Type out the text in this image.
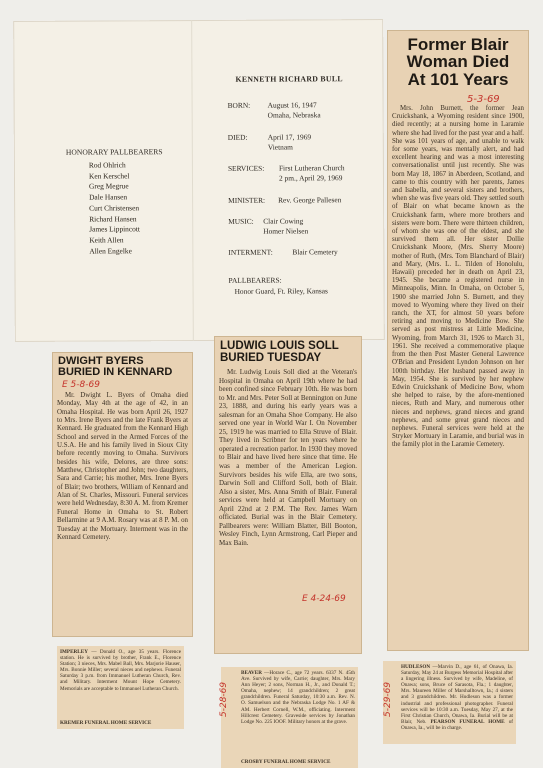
HONORARY PALLBEARERS
Rod Ohlrich
Ken Kerschel
Greg Megrue
Dale Hansen
Curt Christensen
Richard Hansen
James Lippincott
Keith Allen
Allen Engelke
KENNETH RICHARD BULL
BORN: August 16, 1947
Omaha, Nebraska
DIED:	April 17, 1969
Vietnam
SERVICES: First Lutheran Church
2 pm., April 29, 1969
MINISTER: Rev. George Pallesen
MUSIC: Clair Cowing
Homer Nielsen
INTERMENT:	Blair Cemetery
PALLBEARERS:
Honor Guard, Ft. Riley, Kansas
Former Blair
Woman Died
At 101 Years
5-3-69
Mrs. John Burnett, the former Jean Cruickshank, a Wyoming resident since 1900, died recently; at a nursing home in Laramie where she had lived for the past year and a half. She was 101 years of age, and unable to walk for some years, was mentally alert, and had excellent hearing and was a most interesting conversationalist until just recently. She was born May 18, 1867 in Aberdeen, Scotland, and came to this country with her parents, James and Isabella, and several sisters and brothers, when she was five years old. They settled south of Blair on what became known as the Cruickshank farm, where more brothers and sisters were born. There were thirteen children, of whom she was one of the eldest, and she survived them all. Her sister Dollie Cruickshank Moore, (Mrs. Sherry Moore) mother of Ruth, (Mrs. Tom Blanchard of Blair) and Mary, (Mrs. L. L. Tilden of Honolulu, Hawaii) preceded her in death on April 23, 1945. She became a registered nurse in Minneapolis, Minn. In Omaha, on October 5, 1900 she married John S. Burnett, and they moved to Wyoming where they lived on their ranch, the XT, for almost 50 years before retiring and moving to Medicine Bow. She served as post mistress at Little Medicine, Wyoming, from March 31, 1926 to March 31, 1961. She received a commemorative plaque from the then Post Master General Lawrence O'Brian and President Lyndon Johnson on her 100th birthday. Her husband passed away in May, 1954. She is survived by her nephew Edwin Cruickshank of Medicine Bow, whom she helped to raise, by the afore-mentioned nieces, Ruth and Mary, and numerous other nieces and nephews, grand nieces and grand nephews, and some great grand nieces and nephews. Funeral services were held at the Stryker Mortuary in Laramie, and burial was in the family plot in the Laramie Cemetery.
DWIGHT BYERS
BURIED IN KENNARD
E 5-8-69
Mr. Dwight L. Byers of Omaha died Monday, May 4th at the age of 42, in an Omaha Hospital. He was born April 26, 1927 to Mrs. Irene Byers and the late Frank Byers at Kennard. He graduated from the Kennard High School and served in the Armed Forces of the U.S.A. He and his family lived in Sioux City before recently moving to Omaha. Survivors besides his wife, Delores, are three sons: Matthew, Christopher and John; two daughters, Sara and Carrie; his mother, Mrs. Irene Byers of Blair; two brothers, William of Kennard and Alan of St. Charles, Missouri. Funeral services were held Wednesday, 8:30 A. M. from Kremer Funeral Home in Omaha to St. Robert Bellarmine at 9 A.M. Rosary was at 8 P. M. on Tuesday at the Mortuary. Interment was in the Kennard Cemetery.
LUDWIG LOUIS SOLL
BURIED TUESDAY
Mr. Ludwig Louis Soll died at the Veteran's Hospital in Omaha on April 19th where he had been confined since February 10th. He was born to Mr. and Mrs. Peter Soll at Bennington on June 23, 1888, and during his early years was a salesman for an Omaha Shoe Company. He also served one year in World War I. On November 25, 1919 he was married to Ella Struve of Blair. They lived in Scribner for ten years where he operated a recreation parlor. In 1930 they moved to Blair and have lived here since that time. He was a member of the American Legion. Survivors besides his wife Ella, are two sons, Darwin Soll and Clifford Soll, both of Blair. Also a sister, Mrs. Anna Smith of Blair. Funeral services were held at Campbell Mortuary on April 22nd at 2 P.M. The Rev. James Warn officiated. Burial was in the Blair Cemetery. Pallbearers were: William Blatter, Bill Booton, Wesley Finch, Lynn Armstrong, Carl Pieper and Max Bain.
E 4-24-69
IMPERLEY — Donald O., age 35 years. Florence station. He is survived by brother, Frank E., Florence Station; 3 nieces, Mrs. Mabel Ball, Mrs. Marjorie Hauser, Mrs. Bonnie Miller; several nieces and nephews. Funeral Saturday 3 p.m. from Immanuel Lutheran Church, Rev. and Military. Interment Mount Hope Cemetery. Memorials are acceptable to Immanuel Lutheran Church.
KREMER FUNERAL HOME SERVICE
BEAVER —Horace C., age 72 years. 6337 N. 45th Ave. Survived by wife, Carrie; daughter, Mrs. Mary Ann Heyer; 2 sons, Norman H., Jr., and Donald T.; Omaha, nephew; 14 grandchildren; 2 great grandchildren. Funeral Saturday, 10:30 a.m. Rev. N. O. Samuelson and the Nebraska Lodge No. 1 AF & AM. Herbert Cornell, W.M., officiating. Interment Hillcrest Cemetery. Graveside services by Jonathan Lodge No. 225 IOOF. Military honors at the grave.
CROSBY FUNERAL HOME SERVICE
5-28-69
HUDLESON —Marvin D., age 61, of Onawa, Ia. Saturday, May 24 at Burgess Memorial Hospital after a lingering illness. Survived by wife, Madeline, of Onawa; sons, Bruce of Sarasota, Fla.; 1 daughter, Mrs. Maureen Miller of Marshalltown, Ia.; 4 sisters and 3 grandchildren. Mr. Hudleson was a former industrial and professional photographer. Funeral services will be 10:30 a.m. Tuesday, May 27, at the First Christian Church, Onawa, Ia. Burial will be at Blair, Neb. PEARSON FUNERAL HOME of Onawa, Ia., will be in charge.
5-29-69
